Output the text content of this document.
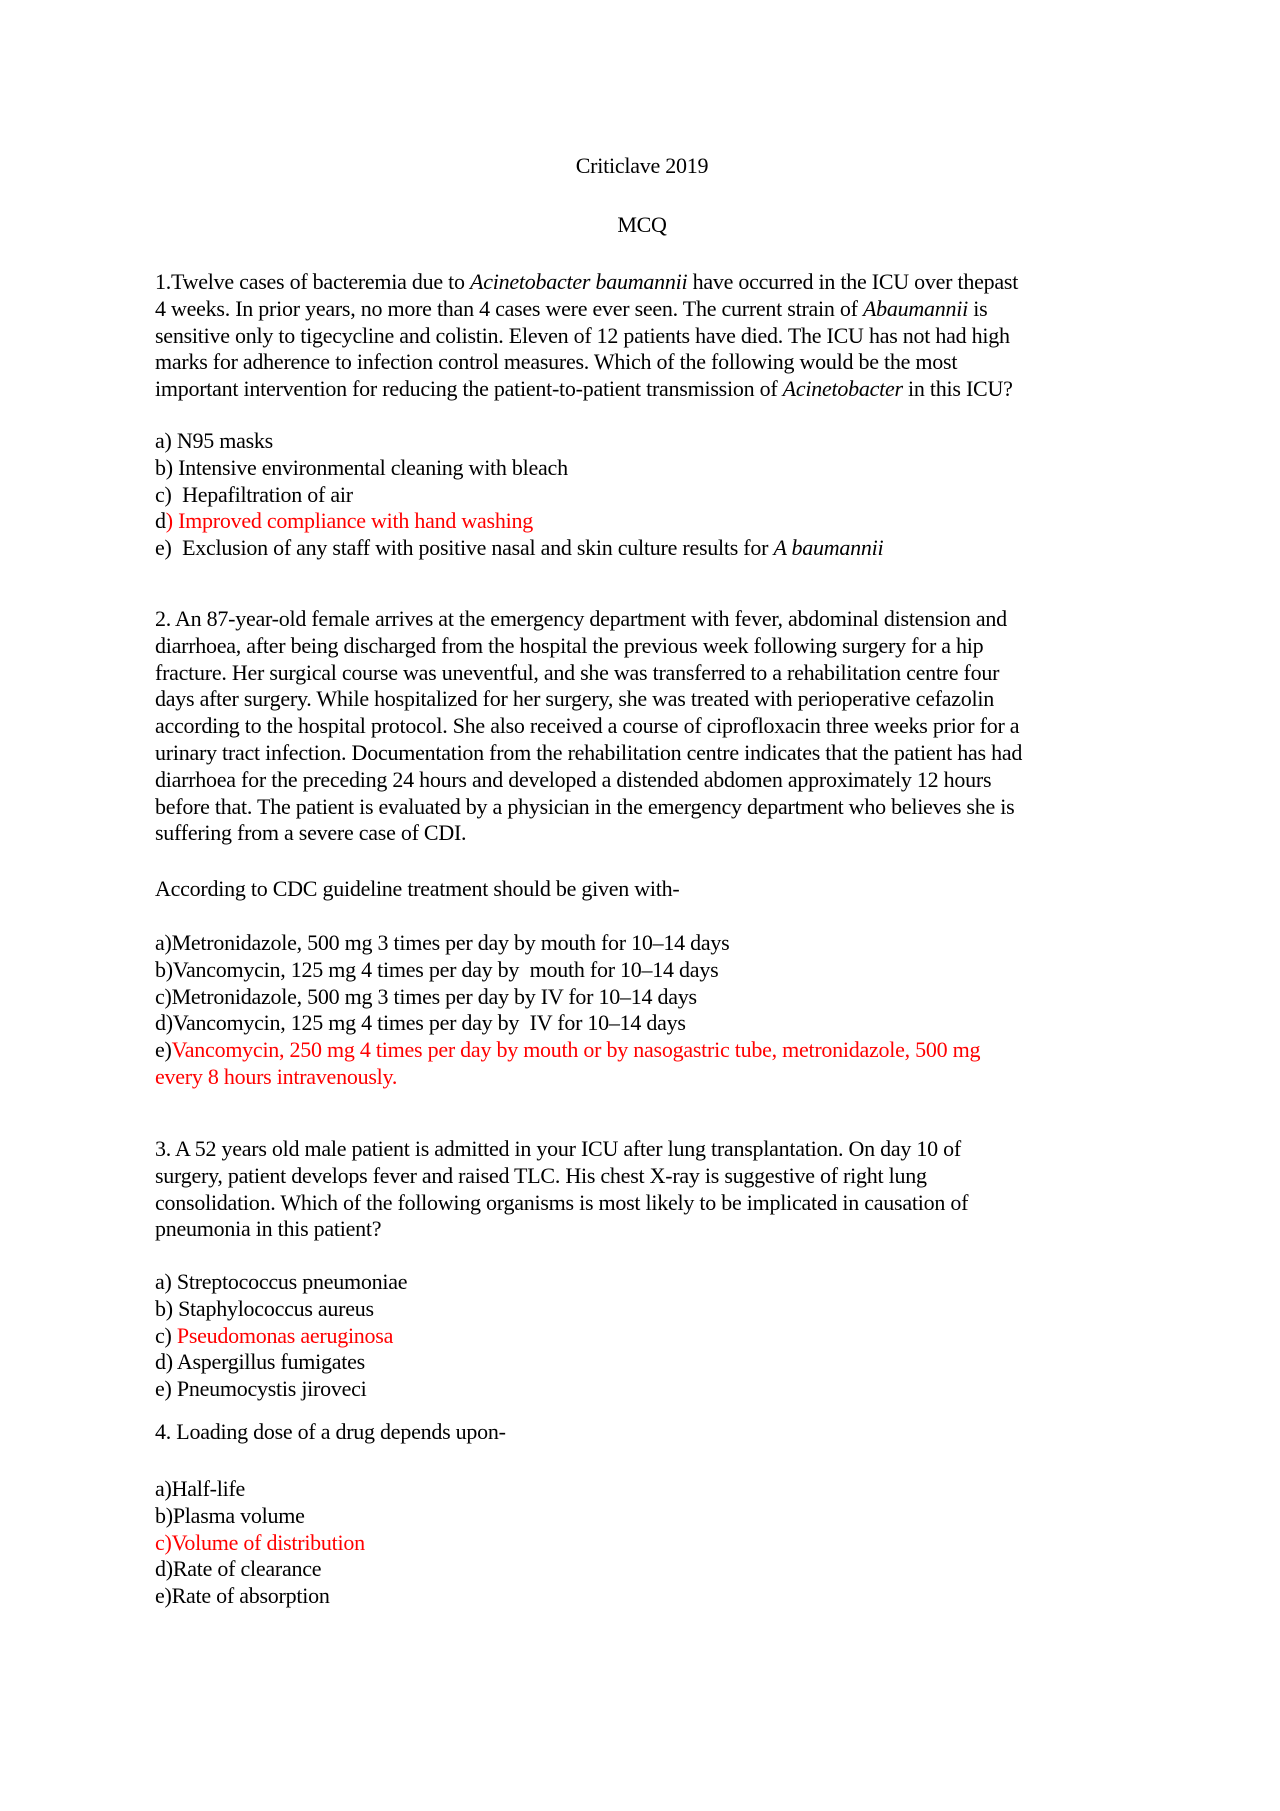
Criticlave 2019
MCQ
1.Twelve cases of bacteremia due to Acinetobacter baumannii have occurred in the ICU over thepast
4 weeks. In prior years, no more than 4 cases were ever seen. The current strain of Abaumannii is
sensitive only to tigecycline and colistin. Eleven of 12 patients have died. The ICU has not had high
marks for adherence to infection control measures. Which of the following would be the most
important intervention for reducing the patient-to-patient transmission of Acinetobacter in this ICU?
a) N95 masks
b) Intensive environmental cleaning with bleach
c)  Hepafiltration of air
d) Improved compliance with hand washing
e)  Exclusion of any staff with positive nasal and skin culture results for A baumannii
2. An 87-year-old female arrives at the emergency department with fever, abdominal distension and
diarrhoea, after being discharged from the hospital the previous week following surgery for a hip
fracture. Her surgical course was uneventful, and she was transferred to a rehabilitation centre four
days after surgery. While hospitalized for her surgery, she was treated with perioperative cefazolin
according to the hospital protocol. She also received a course of ciprofloxacin three weeks prior for a
urinary tract infection. Documentation from the rehabilitation centre indicates that the patient has had
diarrhoea for the preceding 24 hours and developed a distended abdomen approximately 12 hours
before that. The patient is evaluated by a physician in the emergency department who believes she is
suffering from a severe case of CDI.
According to CDC guideline treatment should be given with-
a)Metronidazole, 500 mg 3 times per day by mouth for 10–14 days
b)Vancomycin, 125 mg 4 times per day by  mouth for 10–14 days
c)Metronidazole, 500 mg 3 times per day by IV for 10–14 days
d)Vancomycin, 125 mg 4 times per day by  IV for 10–14 days
e)Vancomycin, 250 mg 4 times per day by mouth or by nasogastric tube, metronidazole, 500 mg
every 8 hours intravenously.
3. A 52 years old male patient is admitted in your ICU after lung transplantation. On day 10 of
surgery, patient develops fever and raised TLC. His chest X-ray is suggestive of right lung
consolidation. Which of the following organisms is most likely to be implicated in causation of
pneumonia in this patient?
a) Streptococcus pneumoniae
b) Staphylococcus aureus
c) Pseudomonas aeruginosa
d) Aspergillus fumigates
e) Pneumocystis jiroveci
4. Loading dose of a drug depends upon-
a)Half-life
b)Plasma volume
c)Volume of distribution
d)Rate of clearance
e)Rate of absorption
